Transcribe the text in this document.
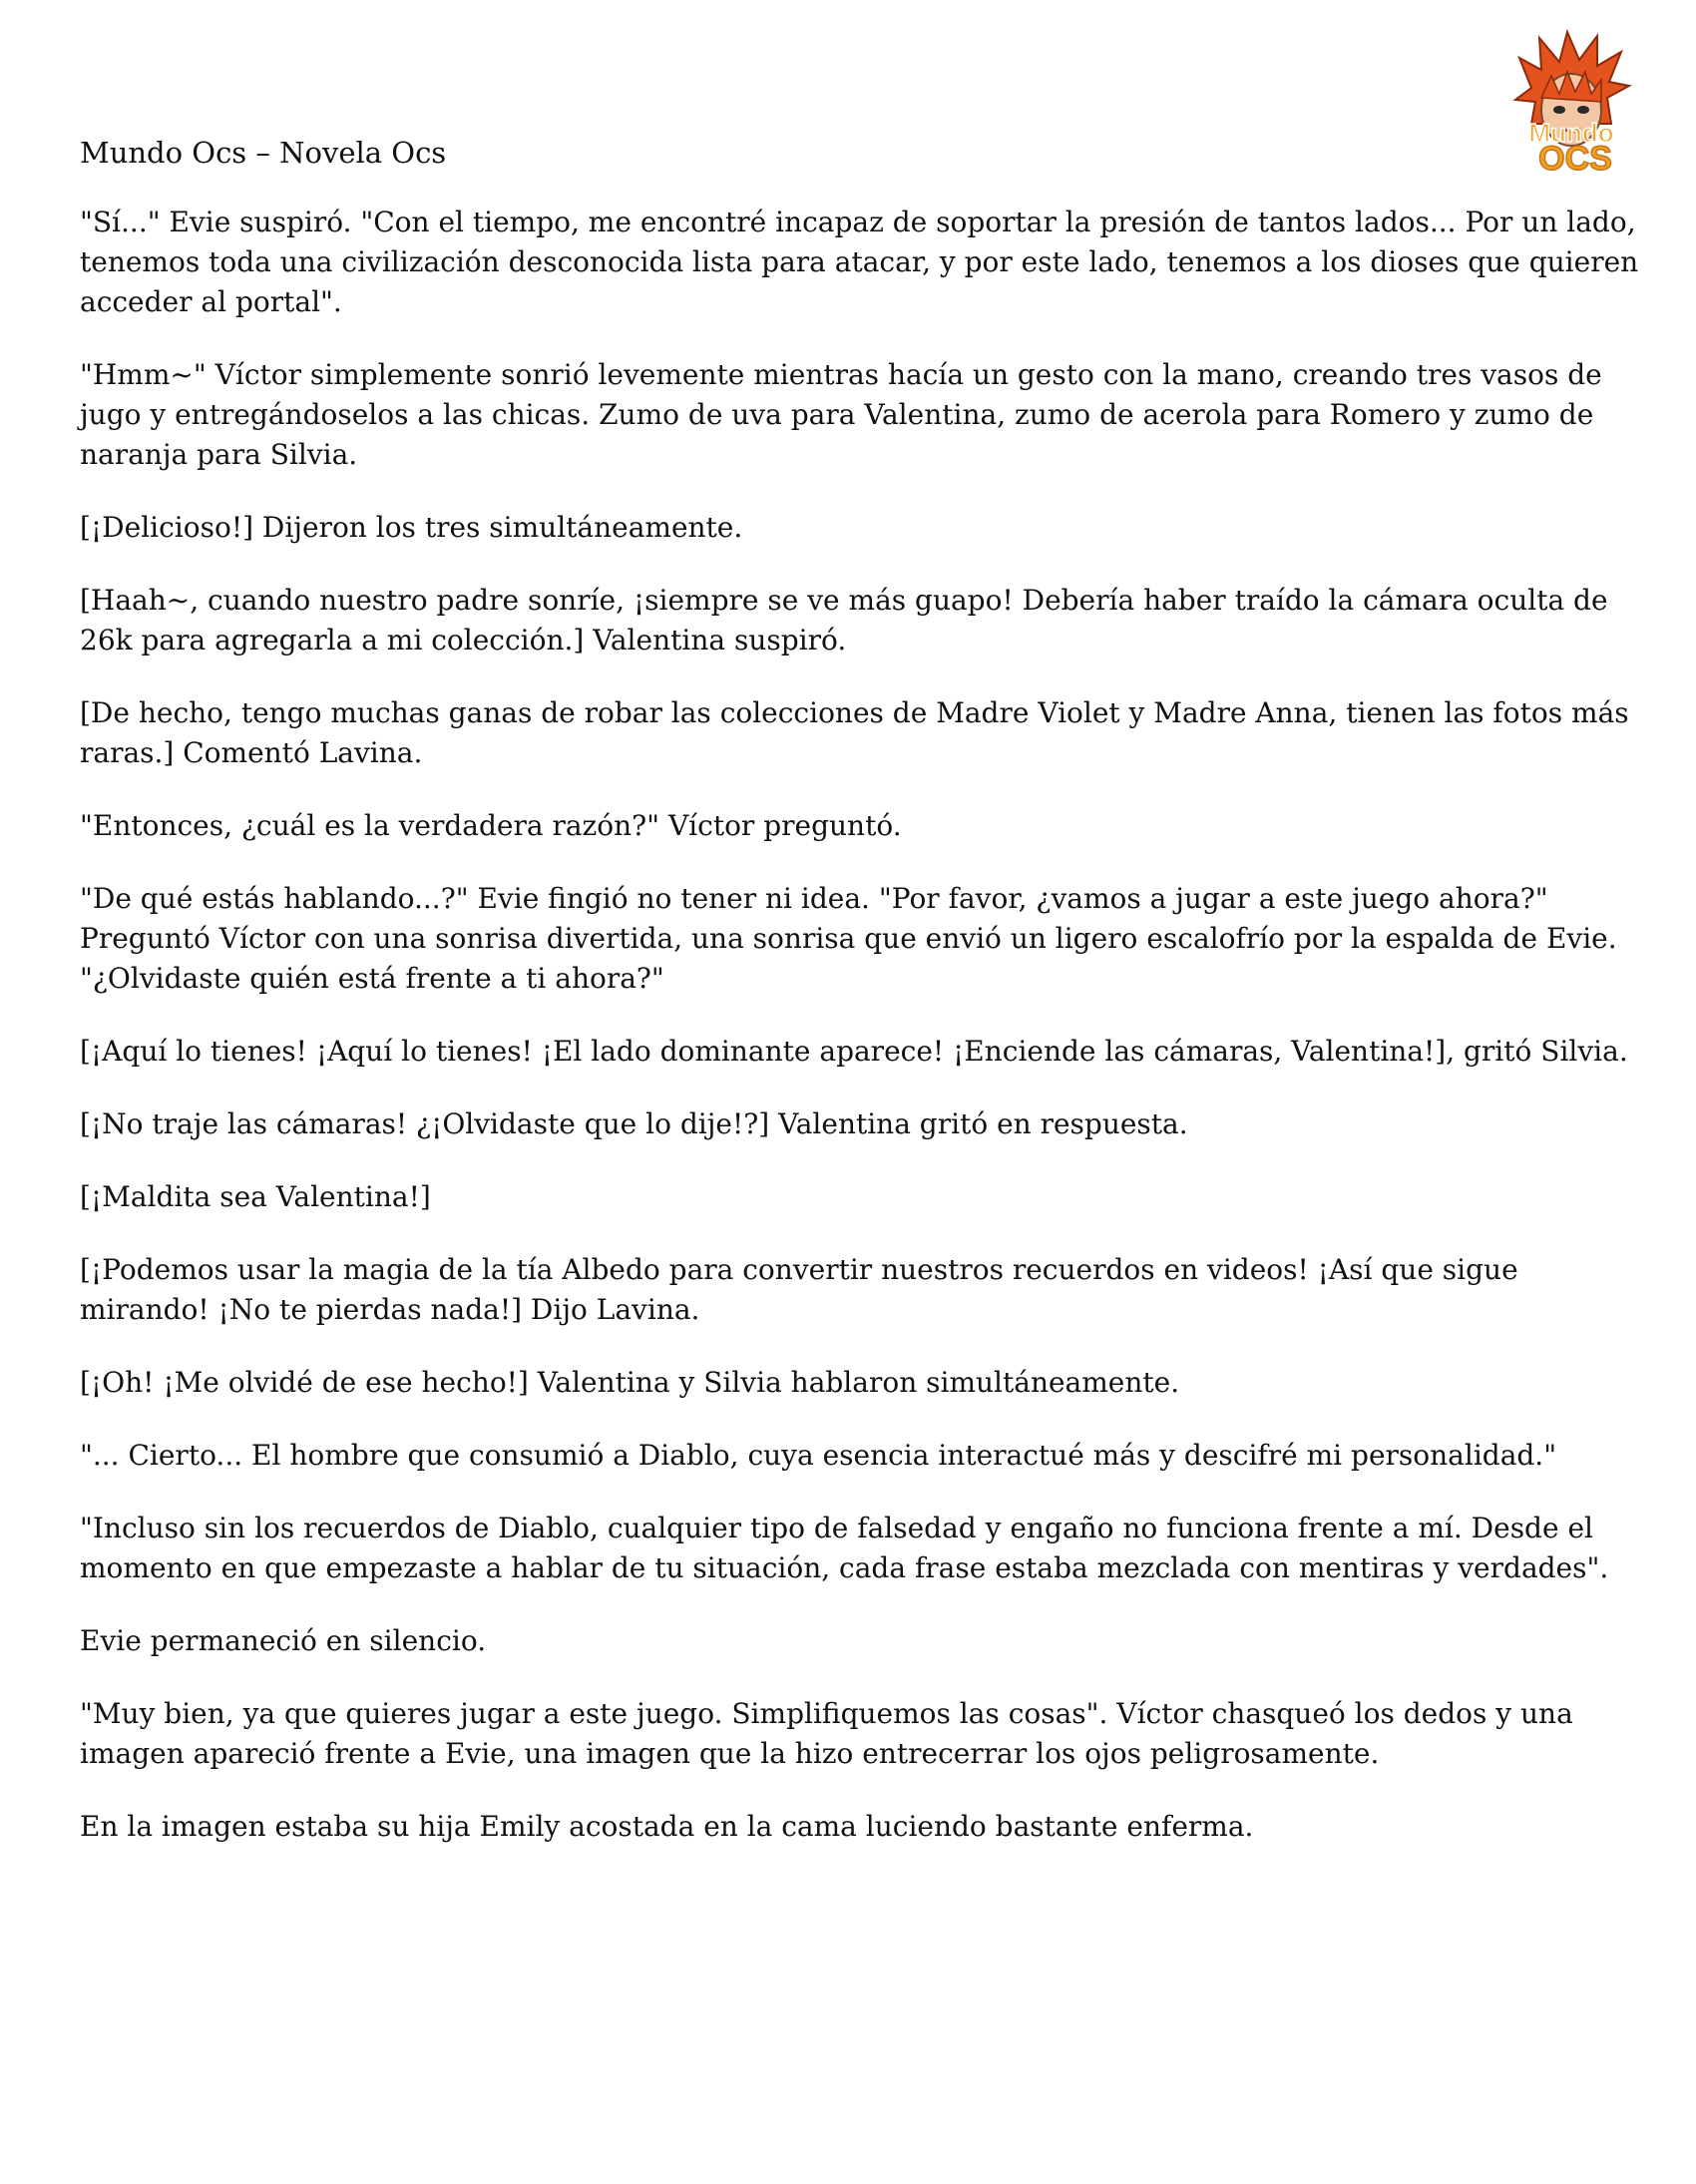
Mundo
OCS
Mundo Ocs – Novela Ocs

"Sí..." Evie suspiró. "Con el tiempo, me encontré incapaz de soportar la presión de tantos lados... Por un lado, tenemos toda una civilización desconocida lista para atacar, y por este lado, tenemos a los dioses que quieren acceder al portal".

"Hmm~" Víctor simplemente sonrió levemente mientras hacía un gesto con la mano, creando tres vasos de jugo y entregándoselos a las chicas. Zumo de uva para Valentina, zumo de acerola para Romero y zumo de naranja para Silvia.

[¡Delicioso!] Dijeron los tres simultáneamente.

[Haah~, cuando nuestro padre sonríe, ¡siempre se ve más guapo! Debería haber traído la cámara oculta de 26k para agregarla a mi colección.] Valentina suspiró.

[De hecho, tengo muchas ganas de robar las colecciones de Madre Violet y Madre Anna, tienen las fotos más raras.] Comentó Lavina.

"Entonces, ¿cuál es la verdadera razón?" Víctor preguntó.

"De qué estás hablando...?" Evie fingió no tener ni idea. "Por favor, ¿vamos a jugar a este juego ahora?" Preguntó Víctor con una sonrisa divertida, una sonrisa que envió un ligero escalofrío por la espalda de Evie. "¿Olvidaste quién está frente a ti ahora?"

[¡Aquí lo tienes! ¡Aquí lo tienes! ¡El lado dominante aparece! ¡Enciende las cámaras, Valentina!], gritó Silvia.

[¡No traje las cámaras! ¿¡Olvidaste que lo dije!?] Valentina gritó en respuesta.

[¡Maldita sea Valentina!]

[¡Podemos usar la magia de la tía Albedo para convertir nuestros recuerdos en videos! ¡Así que sigue mirando! ¡No te pierdas nada!] Dijo Lavina.

[¡Oh! ¡Me olvidé de ese hecho!] Valentina y Silvia hablaron simultáneamente.

"... Cierto... El hombre que consumió a Diablo, cuya esencia interactué más y descifré mi personalidad."

"Incluso sin los recuerdos de Diablo, cualquier tipo de falsedad y engaño no funciona frente a mí. Desde el momento en que empezaste a hablar de tu situación, cada frase estaba mezclada con mentiras y verdades".

Evie permaneció en silencio.

"Muy bien, ya que quieres jugar a este juego. Simplifiquemos las cosas". Víctor chasqueó los dedos y una imagen apareció frente a Evie, una imagen que la hizo entrecerrar los ojos peligrosamente.

En la imagen estaba su hija Emily acostada en la cama luciendo bastante enferma.
